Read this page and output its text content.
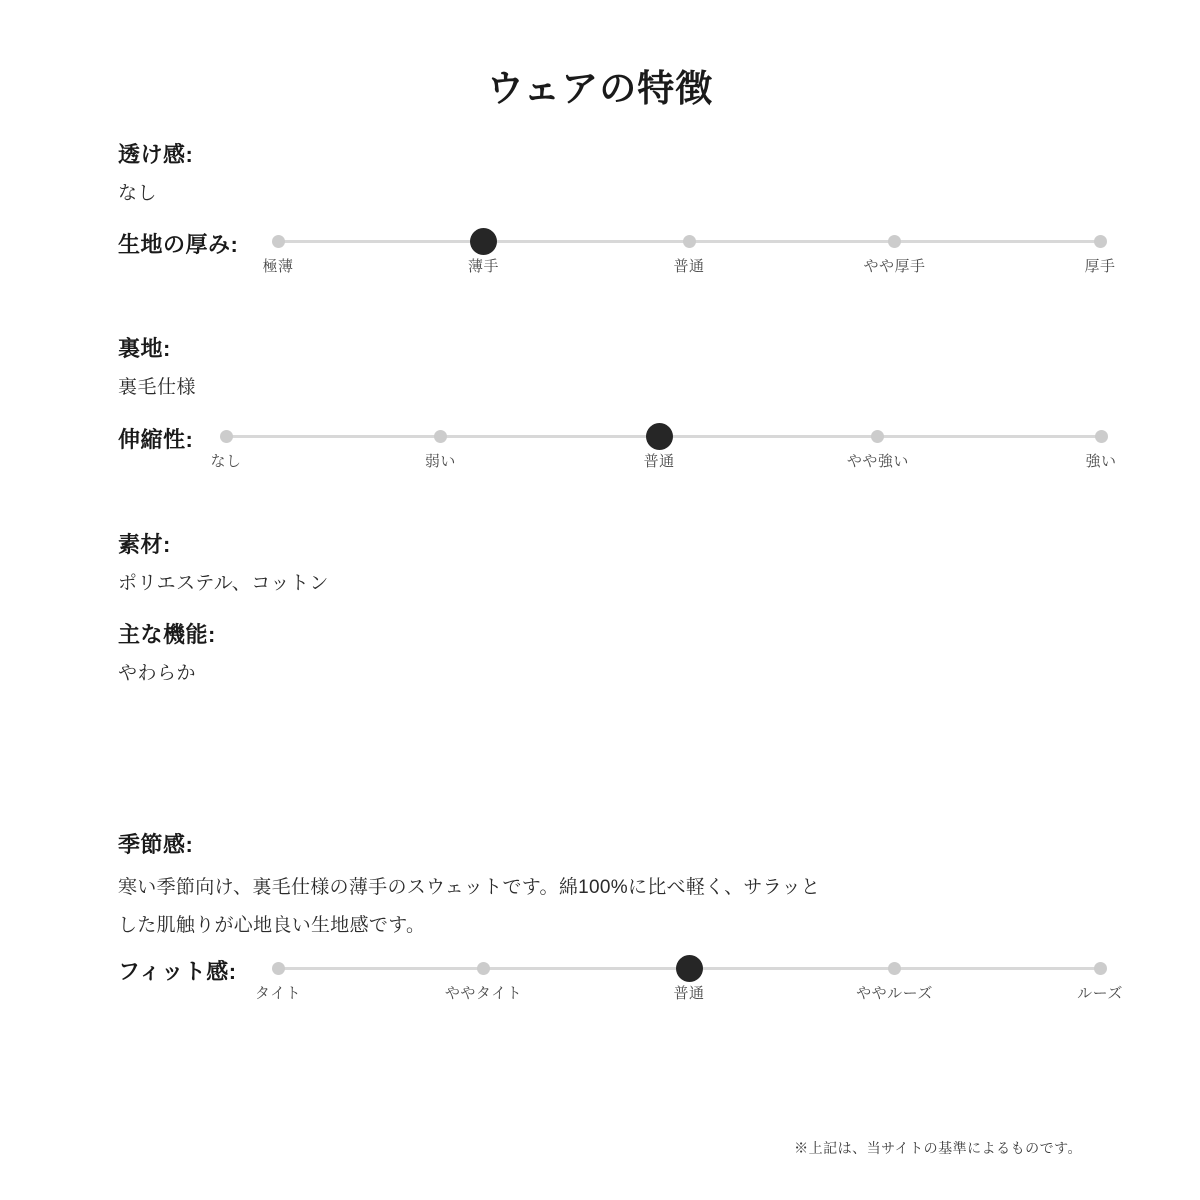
ウェアの特徴
透け感:
なし
生地の厚み:
極薄	薄手	普通	やや厚手	厚手
裏地:
裏毛仕様
伸縮性:
なし	弱い	普通	やや強い	強い
素材:
ポリエステル、コットン
主な機能:
やわらか
季節感:
寒い季節向け、裏毛仕様の薄手のスウェットです。綿100%に比べ軽く、サラッと
した肌触りが心地良い生地感です。
フィット感:
タイト	ややタイト	普通	ややルーズ	ルーズ
※上記は、当サイトの基準によるものです。
